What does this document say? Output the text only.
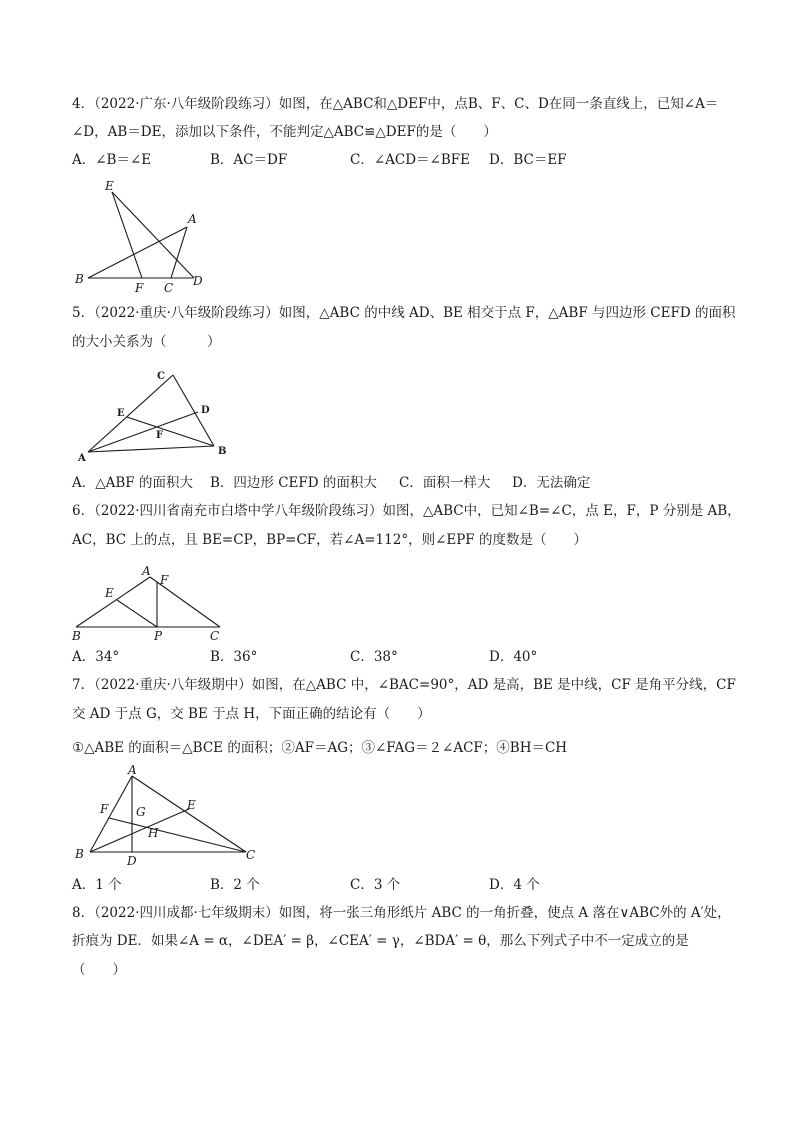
4．（2022·广东·八年级阶段练习）如图，在△ABC和△DEF中，点B、F、C、D在同一条直线上，已知∠A＝
∠D，AB＝DE，添加以下条件，不能判定△ABC≌△DEF的是（　　）
A．∠B＝∠E	B．AC＝DF	C．∠ACD＝∠BFE D．BC＝EF
E
A
B
F C D
5．（2022·重庆·八年级阶段练习）如图，△ABC 的中线 AD、BE 相交于点 F，△ABF 与四边形 CEFD 的面积
的大小关系为（　　　）
C
E	D
F
A
B
A．△ABF 的面积大 B．四边形 CEFD 的面积大 C．面积一样大 D．无法确定
6．（2022·四川省南充市白塔中学八年级阶段练习）如图，△ABC中，已知∠B=∠C，点 E，F，P 分别是 AB，
AC，BC 上的点，且 BE=CP，BP=CF，若∠A=112°，则∠EPF 的度数是（　　）
A
F
E
B	P	C
A．34°	B．36°	C．38°	D．40°
7．（2022·重庆·八年级期中）如图，在△ABC 中，∠BAC=90°，AD 是高，BE 是中线，CF 是角平分线，CF
交 AD 于点 G，交 BE 于点 H，下面正确的结论有（　　）
①△ABE 的面积＝△BCE 的面积；②AF＝AG；③∠FAG＝２∠ACF；④BH＝CH
A
F G	E
H
B	D	C
A．1 个	B．2 个	C．3 个	D．4 个
8．（2022·四川成都·七年级期末）如图，将一张三角形纸片 ABC 的一角折叠，使点 A 落在∨ABC外的 A′处，
折痕为 DE．如果∠A = α，∠DEA′ = β，∠CEA′ = γ，∠BDA′ = θ，那么下列式子中不一定成立的是
（　　）
